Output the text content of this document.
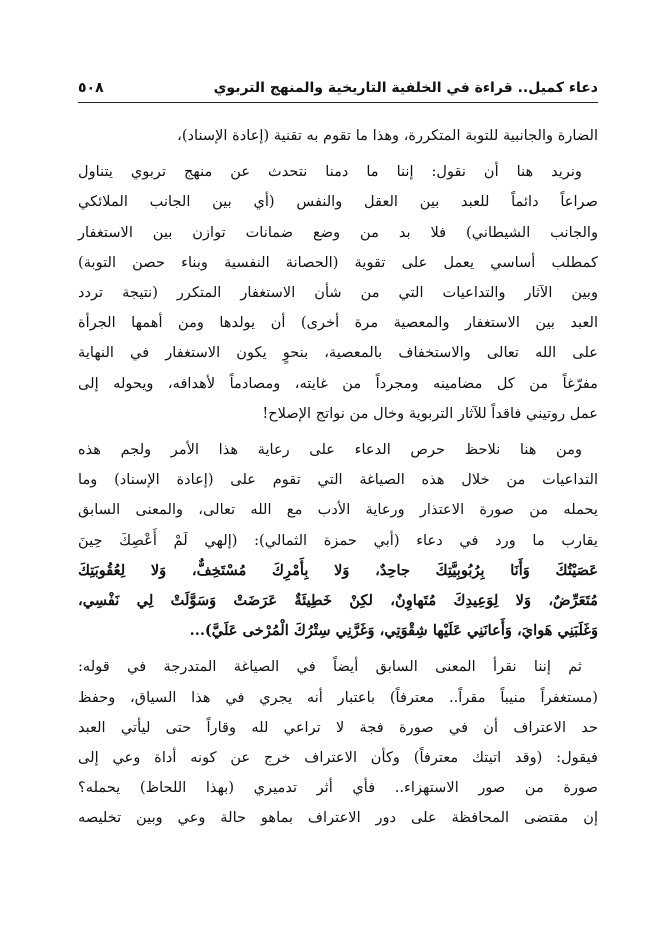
دعاء كميل.. قراءة في الخلفية التاريخية والمنهج التربوي
٥٠٨

الضارة والجانبية للتوبة المتكررة، وهذا ما تقوم به تقنية (إعادة الإسناد)،

ونريد هنا أن نقول: إننا ما دمنا نتحدث عن منهج تربوي يتناول
صراعاً دائماً للعبد بين العقل والنفس (أي بين الجانب الملائكي
والجانب الشيطاني) فلا بد من وضع ضمانات توازن بين الاستغفار
كمطلب أساسي يعمل على تقوية (الحصانة النفسية وبناء حصن التوبة)
وبين الآثار والتداعيات التي من شأن الاستغفار المتكرر (نتيجة تردد
العبد بين الاستغفار والمعصية مرة أخرى) أن يولدها ومن أهمها الجرأة
على الله تعالى والاستخفاف بالمعصية، بنحوٍ يكون الاستغفار في النهاية
مفرّغاً من كل مضامينه ومجرداً من غايته، ومصادماً لأهدافه، ويحوله إلى
عمل روتيني فاقداً للآثار التربوية وخال من نواتج الإصلاح!

ومن هنا نلاحظ حرص الدعاء على رعاية هذا الأمر ولجم هذه
التداعيات من خلال هذه الصياغة التي تقوم على (إعادة الإسناد) وما
يحمله من صورة الاعتذار ورعاية الأدب مع الله تعالى، والمعنى السابق
يقارب ما ورد في دعاء (أبي حمزة الثمالي): (إلهي لَمْ أَعْصِكَ حِينَ
عَصَيْتُكَ وَأَنَا بِرُبُوبِيَّتِكَ جاحِدٌ، وَلا بِأَمْرِكَ مُسْتَخِفٌّ، وَلا لِعُقُوبَتِكَ
مُتَعَرِّضٌ، وَلا لِوَعِيدِكَ مُتَهاوِنٌ، لكِنْ خَطِيئَةٌ عَرَضَتْ وَسَوَّلَتْ لِي نَفْسِي،
وَغَلَبَنِي هَوايَ، وَأَعانَنِي عَلَيْها شِقْوَتِي، وَغَرَّنِي سِتْرُكَ الْمُرْخى عَلَيَّ)...

ثم إننا نقرأ المعنى السابق أيضاً في الصياغة المتدرجة في قوله:
(مستغفراً منيباً مقراً.. معترفاً) باعتبار أنه يجري في هذا السياق، وحفظ
حد الاعتراف أن في صورة فجة لا تراعي لله وقاراً حتى ليأتي العبد
فيقول: (وقد اتيتك معترفاً) وكأن الاعتراف خرج عن كونه أداة وعي إلى
صورة من صور الاستهزاء.. فأي أثر تدميري (بهذا اللحاظ) يحمله؟
إن مقتضى المحافظة على دور الاعتراف بماهو حالة وعي وبين تخليصه
